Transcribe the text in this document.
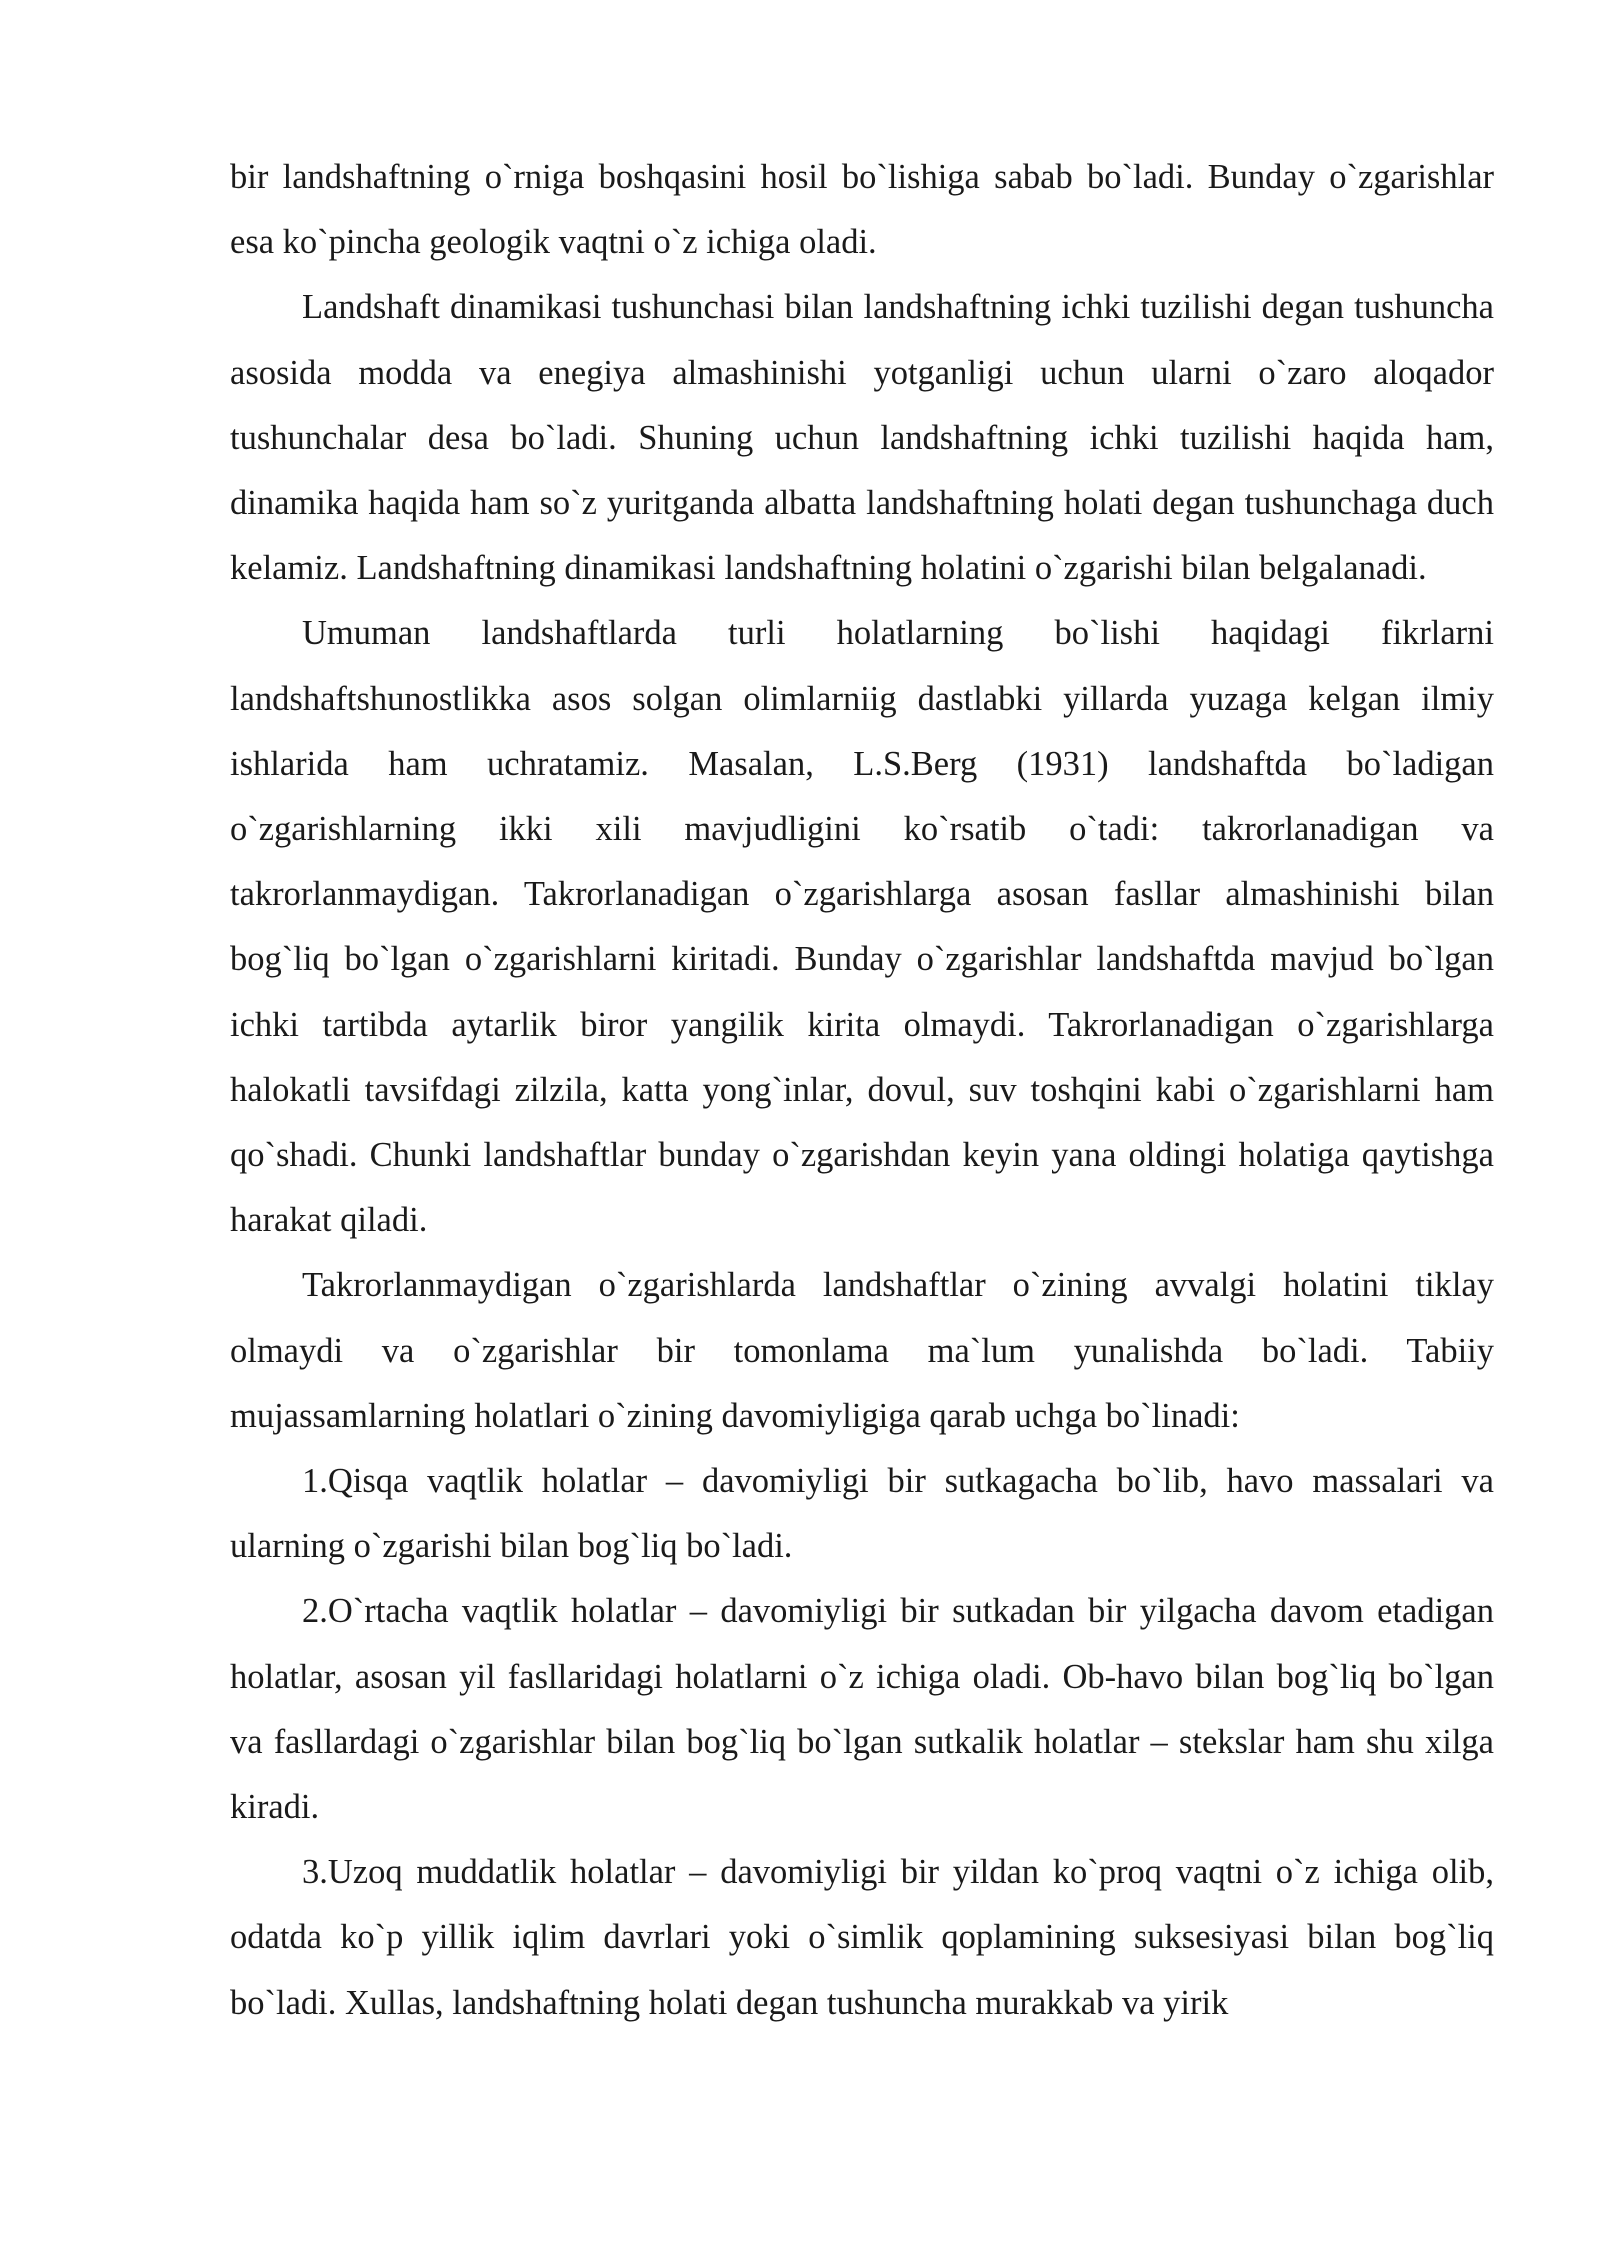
bir landshaftning o`rniga boshqasini hosil bo`lishiga sabab bo`ladi. Bunday o`zgarishlar esa ko`pincha geologik vaqtni o`z ichiga oladi.

Landshaft dinamikasi tushunchasi bilan landshaftning ichki tuzilishi degan tushuncha asosida modda va enegiya almashinishi yotganligi uchun ularni o`zaro aloqador tushunchalar desa bo`ladi. Shuning uchun landshaftning ichki tuzilishi haqida ham, dinamika haqida ham so`z yuritganda albatta landshaftning holati degan tushunchaga duch kelamiz. Landshaftning dinamikasi landshaftning holatini o`zgarishi bilan belgalanadi.

Umuman landshaftlarda turli holatlarning bo`lishi haqidagi fikrlarni landshaftshunostlikka asos solgan olimlarniig dastlabki yillarda yuzaga kelgan ilmiy ishlarida ham uchratamiz. Masalan, L.S.Berg (1931) landshaftda bo`ladigan o`zgarishlarning ikki xili mavjudligini ko`rsatib o`tadi: takrorlanadigan va takrorlanmaydigan. Takrorlanadigan o`zgarishlarga asosan fasllar almashinishi bilan bog`liq bo`lgan o`zgarishlarni kiritadi. Bunday o`zgarishlar landshaftda mavjud bo`lgan ichki tartibda aytarlik biror yangilik kirita olmaydi. Takrorlanadigan o`zgarishlarga halokatli tavsifdagi zilzila, katta yong`inlar, dovul, suv toshqini kabi o`zgarishlarni ham qo`shadi. Chunki landshaftlar bunday o`zgarishdan keyin yana oldingi holatiga qaytishga harakat qiladi.

Takrorlanmaydigan o`zgarishlarda landshaftlar o`zining avvalgi holatini tiklay olmaydi va o`zgarishlar bir tomonlama ma`lum yunalishda bo`ladi. Tabiiy mujassamlarning holatlari o`zining davomiyligiga qarab uchga bo`linadi:

1.Qisqa vaqtlik holatlar – davomiyligi bir sutkagacha bo`lib, havo massalari va ularning o`zgarishi bilan bog`liq bo`ladi.

2.O`rtacha vaqtlik holatlar – davomiyligi bir sutkadan bir yilgacha davom etadigan holatlar, asosan yil fasllaridagi holatlarni o`z ichiga oladi. Ob-havo bilan bog`liq bo`lgan va fasllardagi o`zgarishlar bilan bog`liq bo`lgan sutkalik holatlar – stekslar ham shu xilga kiradi.

3.Uzoq muddatlik holatlar – davomiyligi bir yildan ko`proq vaqtni o`z ichiga olib, odatda ko`p yillik iqlim davrlari yoki o`simlik qoplamining suksesiyasi bilan bog`liq bo`ladi. Xullas, landshaftning holati degan tushuncha murakkab va yirik
